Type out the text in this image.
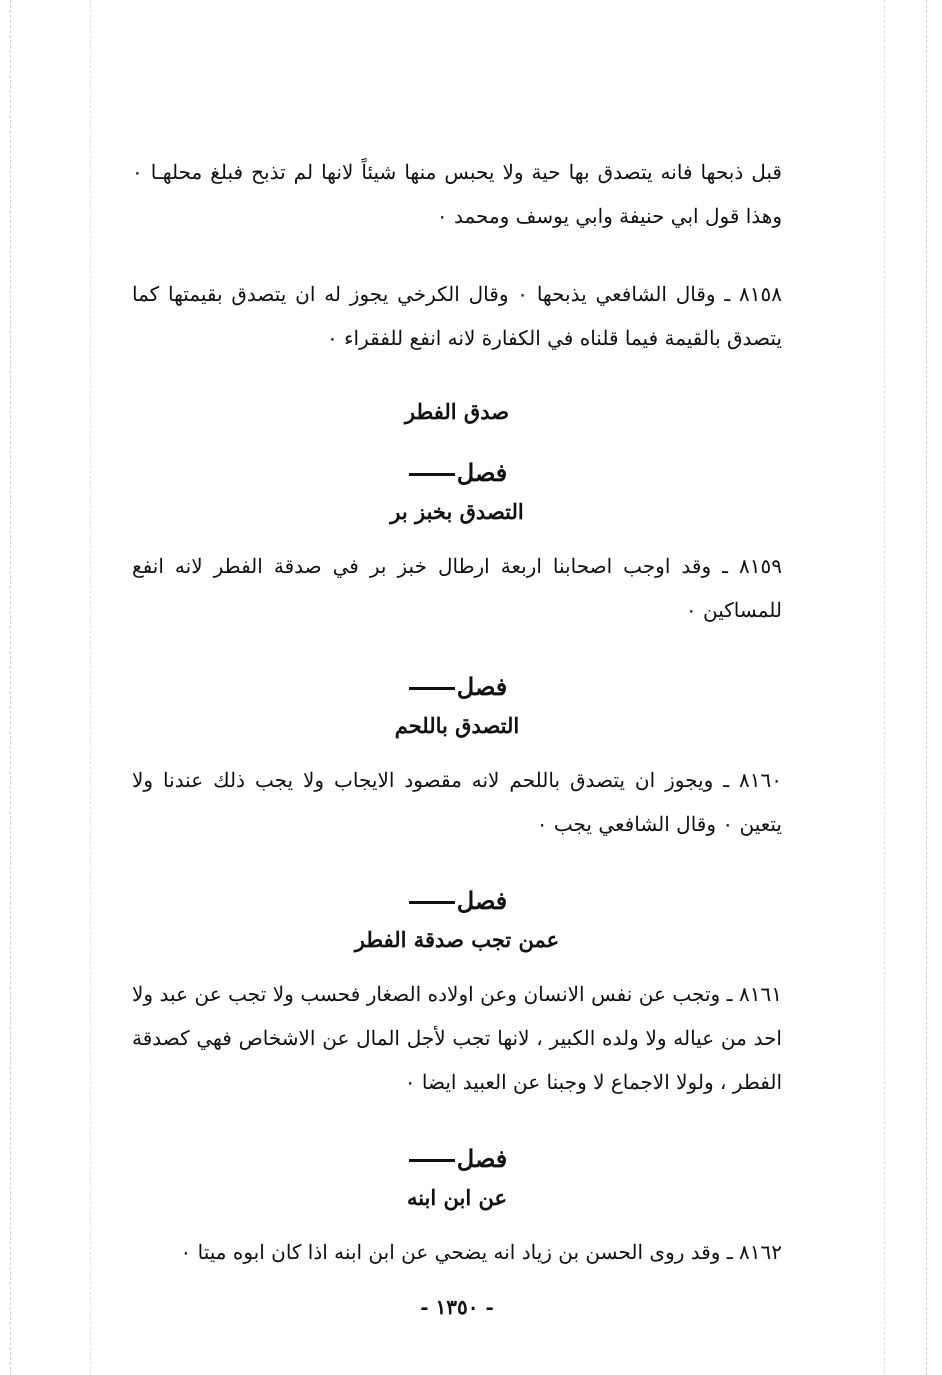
قبل ذبحها فانه يتصدق بها حية ولا يحبس منها شيئاً لانها لم تذبح فبلغ محلهـا ٠ وهذا قول ابي حنيفة وابي يوسف ومحمد ٠

٨١٥٨ ـ وقال الشافعي يذبحها ٠ وقال الكرخي يجوز له ان يتصدق بقيمتها كما يتصدق بالقيمة فيما قلناه في الكفارة لانه انفع للفقراء ٠

صدق الفطر

فصل

التصدق بخبز بر

٨١٥٩ ـ وقد اوجب اصحابنا اربعة ارطال خبز بر في صدقة الفطر لانه انفع للمساكين ٠

فصل

التصدق باللحم

٨١٦٠ ـ ويجوز ان يتصدق باللحم لانه مقصود الايجاب ولا يجب ذلك عندنا ولا يتعين ٠ وقال الشافعي يجب ٠

فصل

عمن تجب صدقة الفطر

٨١٦١ ـ وتجب عن نفس الانسان وعن اولاده الصغار فحسب ولا تجب عن عبد ولا احد من عياله ولا ولده الكبير ، لانها تجب لأجل المال عن الاشخاص فهي كصدقة الفطر ، ولولا الاجماع لا وجبنا عن العبيد ايضا ٠

فصل

عن ابن ابنه

٨١٦٢ ـ وقد روى الحسن بن زياد انه يضحي عن ابن ابنه اذا كان ابوه ميتا ٠

- ١٣٥٠ -
